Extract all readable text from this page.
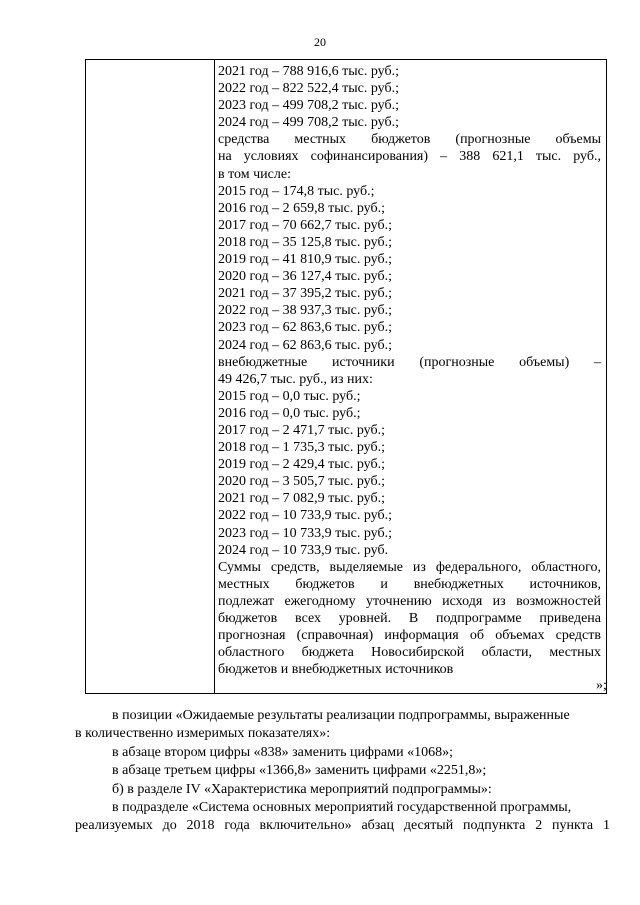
20
2021 год – 788 916,6 тыс. руб.;
2022 год – 822 522,4 тыс. руб.;
2023 год – 499 708,2 тыс. руб.;
2024 год – 499 708,2 тыс. руб.;
средства местных бюджетов (прогнозные объемы
на условиях софинансирования) – 388 621,1 тыс. руб.,
в том числе:
2015 год – 174,8 тыс. руб.;
2016 год – 2 659,8 тыс. руб.;
2017 год – 70 662,7 тыс. руб.;
2018 год – 35 125,8 тыс. руб.;
2019 год – 41 810,9 тыс. руб.;
2020 год – 36 127,4 тыс. руб.;
2021 год – 37 395,2 тыс. руб.;
2022 год – 38 937,3 тыс. руб.;
2023 год – 62 863,6 тыс. руб.;
2024 год – 62 863,6 тыс. руб.;
внебюджетные источники (прогнозные объемы) –
49 426,7 тыс. руб., из них:
2015 год – 0,0 тыс. руб.;
2016 год – 0,0 тыс. руб.;
2017 год – 2 471,7 тыс. руб.;
2018 год – 1 735,3 тыс. руб.;
2019 год – 2 429,4 тыс. руб.;
2020 год – 3 505,7 тыс. руб.;
2021 год – 7 082,9 тыс. руб.;
2022 год – 10 733,9 тыс. руб.;
2023 год – 10 733,9 тыс. руб.;
2024 год – 10 733,9 тыс. руб.
Суммы средств, выделяемые из федерального, областного,
местных бюджетов и внебюджетных источников,
подлежат ежегодному уточнению исходя из возможностей
бюджетов всех уровней. В подпрограмме приведена
прогнозная (справочная) информация об объемах средств
областного бюджета Новосибирской области, местных
бюджетов и внебюджетных источников
»;
в позиции «Ожидаемые результаты реализации подпрограммы, выраженные
в количественно измеримых показателях»:
в абзаце втором цифры «838» заменить цифрами «1068»;
в абзаце третьем цифры «1366,8» заменить цифрами «2251,8»;
б) в разделе IV «Характеристика мероприятий подпрограммы»:
в подразделе «Система основных мероприятий государственной программы,
реализуемых до 2018 года включительно» абзац десятый подпункта 2 пункта 1
